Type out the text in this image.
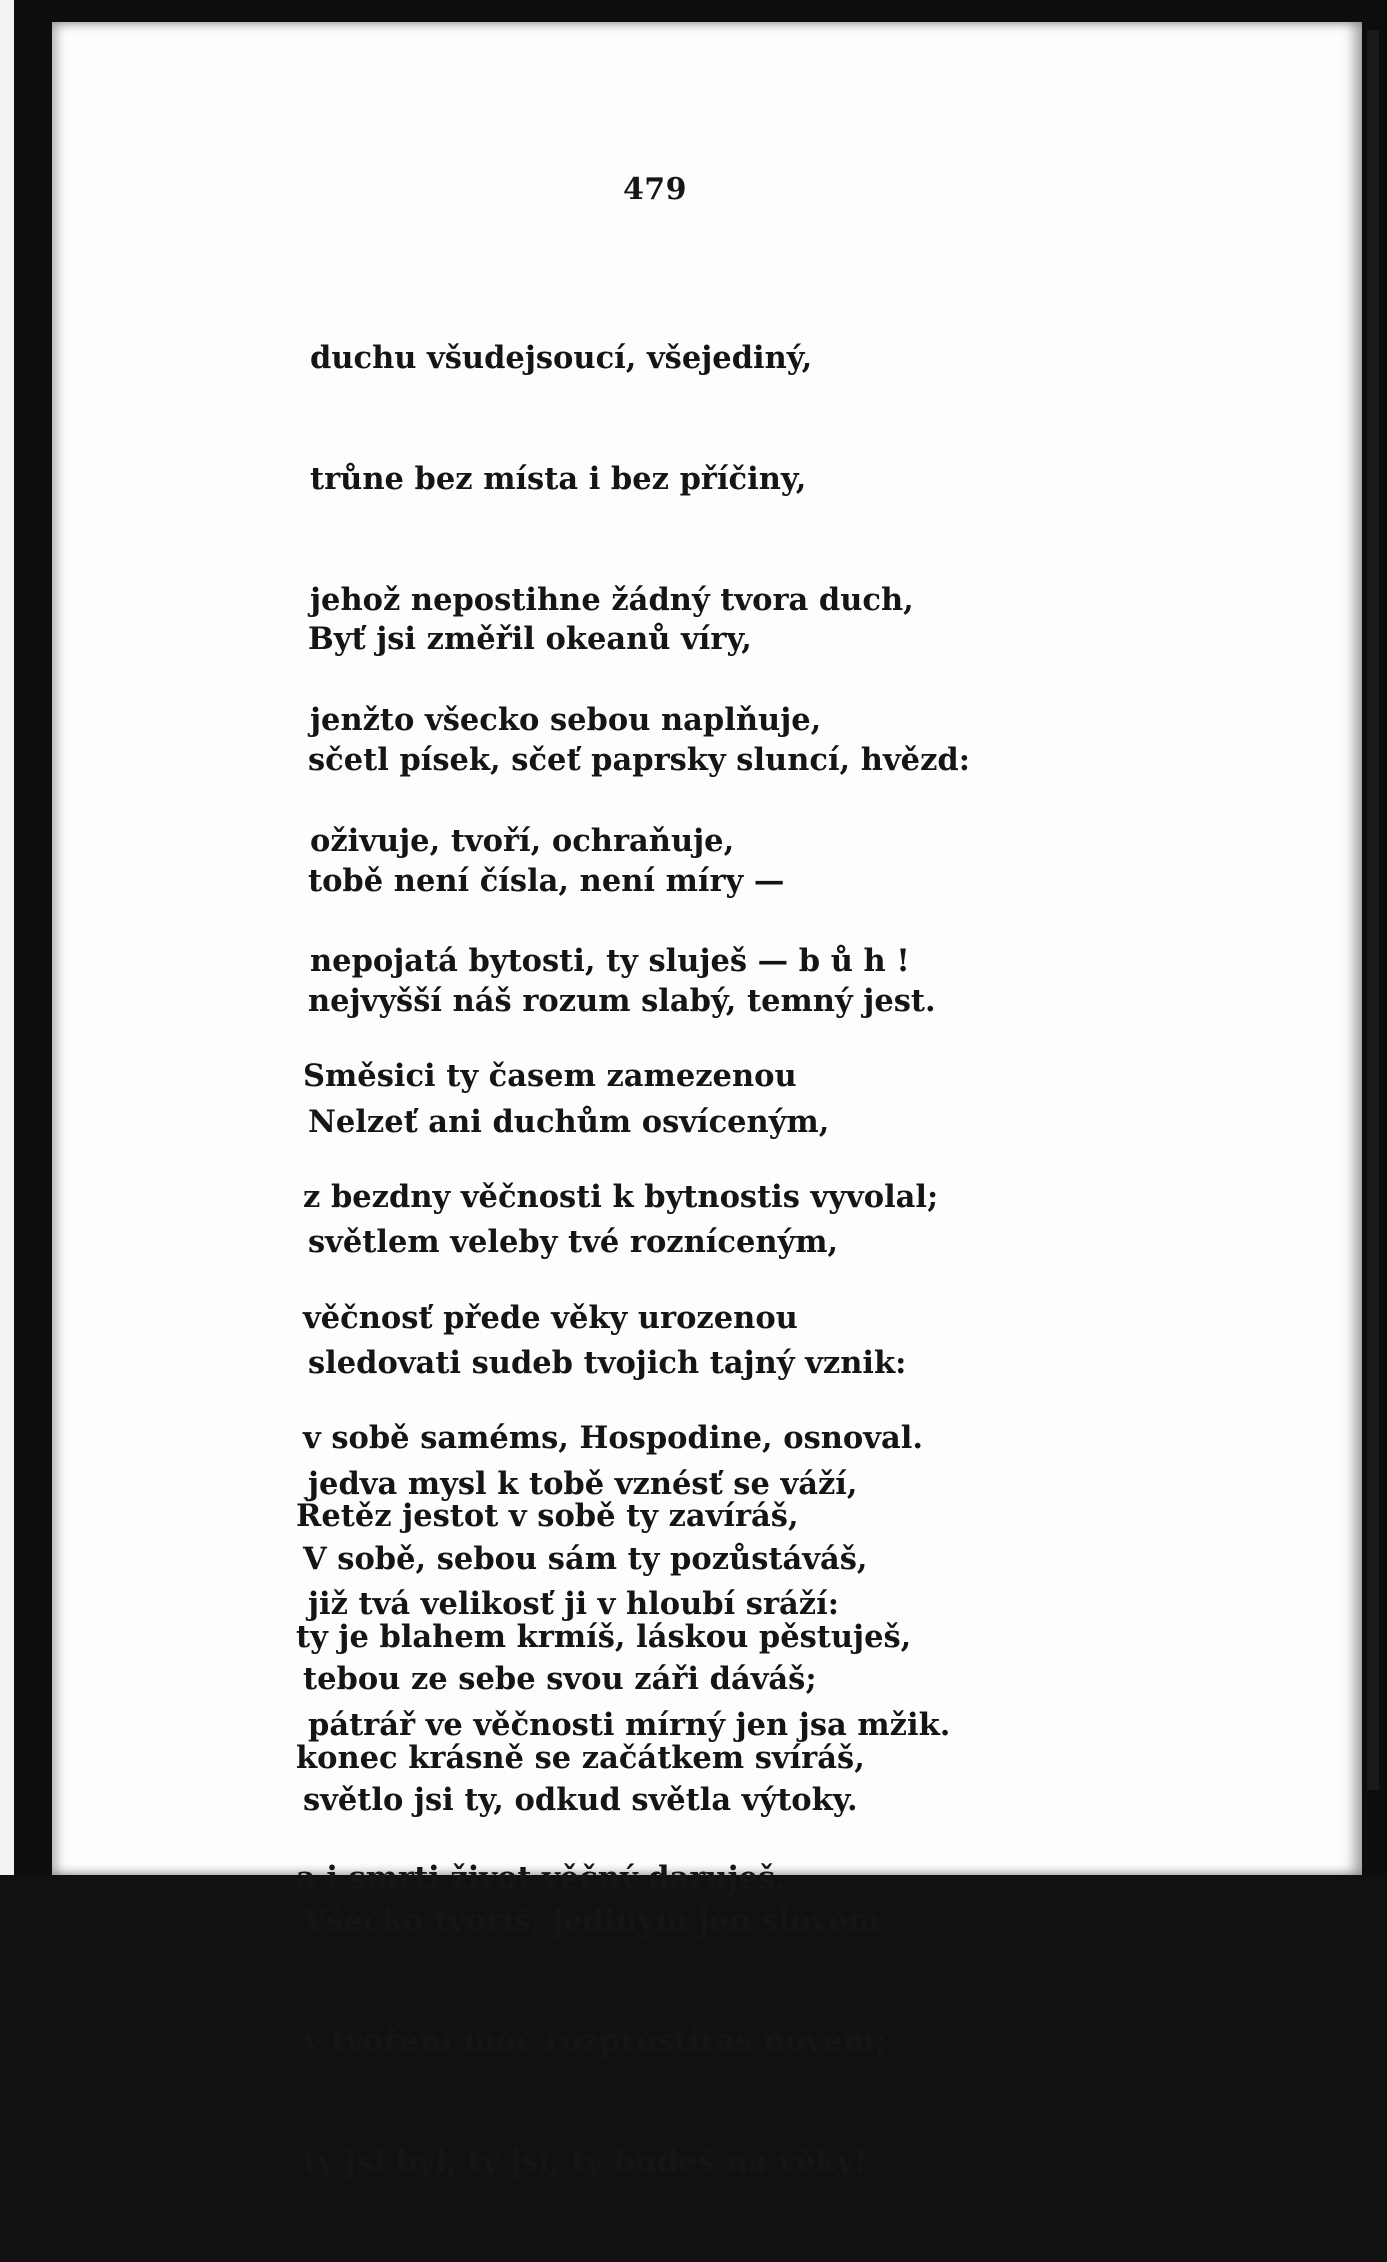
479

duchu všudejsoucí, všejediný,

trůne bez místa i bez příčiny,

jehož nepostihne žádný tvora duch,

jenžto všecko sebou naplňuje,

oživuje, tvoří, ochraňuje,

nepojatá bytosti, ty sluješ — b ů h !

Byť jsi změřil okeanů víry,

sčetl písek, sčeť paprsky sluncí, hvězd:

tobě není čísla, není míry —

nejvyšší náš rozum slabý, temný jest.

Nelzeť ani duchům osvíceným,

světlem veleby tvé rozníceným,

sledovati sudeb tvojich tajný vznik:

jedva mysl k tobě vznésť se váží,

již tvá velikosť ji v hloubí sráží:

pátrář ve věčnosti mírný jen jsa mžik.

Směsici ty časem zamezenou

z bezdny věčnosti k bytnostis vyvolal;

věčnosť přede věky urozenou

v sobě saméms, Hospodine, osnoval.

V sobě, sebou sám ty pozůstáváš,

tebou ze sebe svou záři dáváš;

světlo jsi ty, odkud světla výtoky.

Všecko tvoříš, jediným jen slovem

v tvoření moc rozprostíráš novém;

ty jsi byl, ty jsi, ty budeš na věky!

Řetěz jestot v sobě ty zavíráš,

ty je blahem krmíš, láskou pěstuješ,

konec krásně se začátkem svíráš,

a i smrti život věčný daruješ.
